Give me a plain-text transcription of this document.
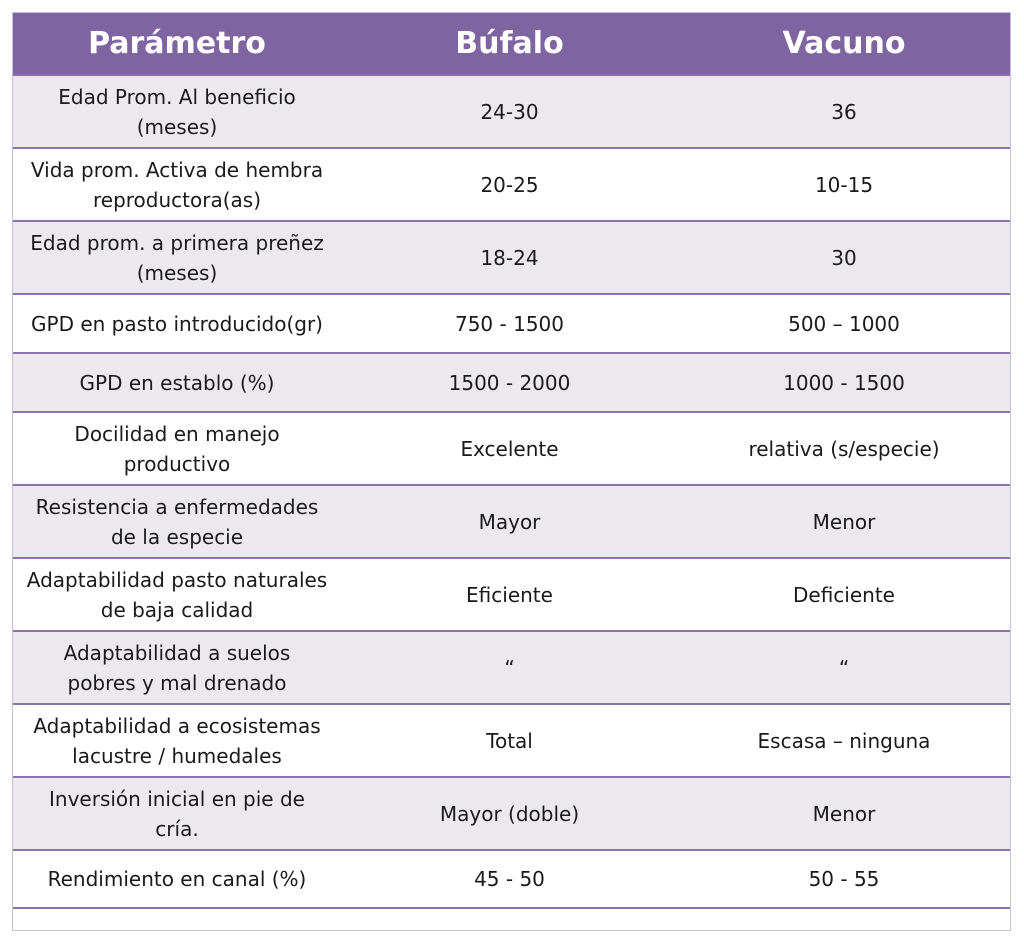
Parámetro	Búfalo	Vacuno
Edad Prom. Al beneficio
(meses)	24-30	36
Vida prom. Activa de hembra
reproductora(as)	20-25	10-15
Edad prom. a primera preñez
(meses)	18-24	30
GPD en pasto introducido(gr)	750 - 1500	500 – 1000
GPD en establo (%)	1500 - 2000	1000 - 1500
Docilidad en manejo
productivo	Excelente	relativa (s/especie)
Resistencia a enfermedades
de la especie	Mayor	Menor
Adaptabilidad pasto naturales
de baja calidad	Eficiente	Deficiente
Adaptabilidad a suelos
pobres y mal drenado	“	“
Adaptabilidad a ecosistemas
lacustre / humedales	Total	Escasa – ninguna
Inversión inicial en pie de
cría.	Mayor (doble)	Menor
Rendimiento en canal (%)	45 - 50	50 - 55
